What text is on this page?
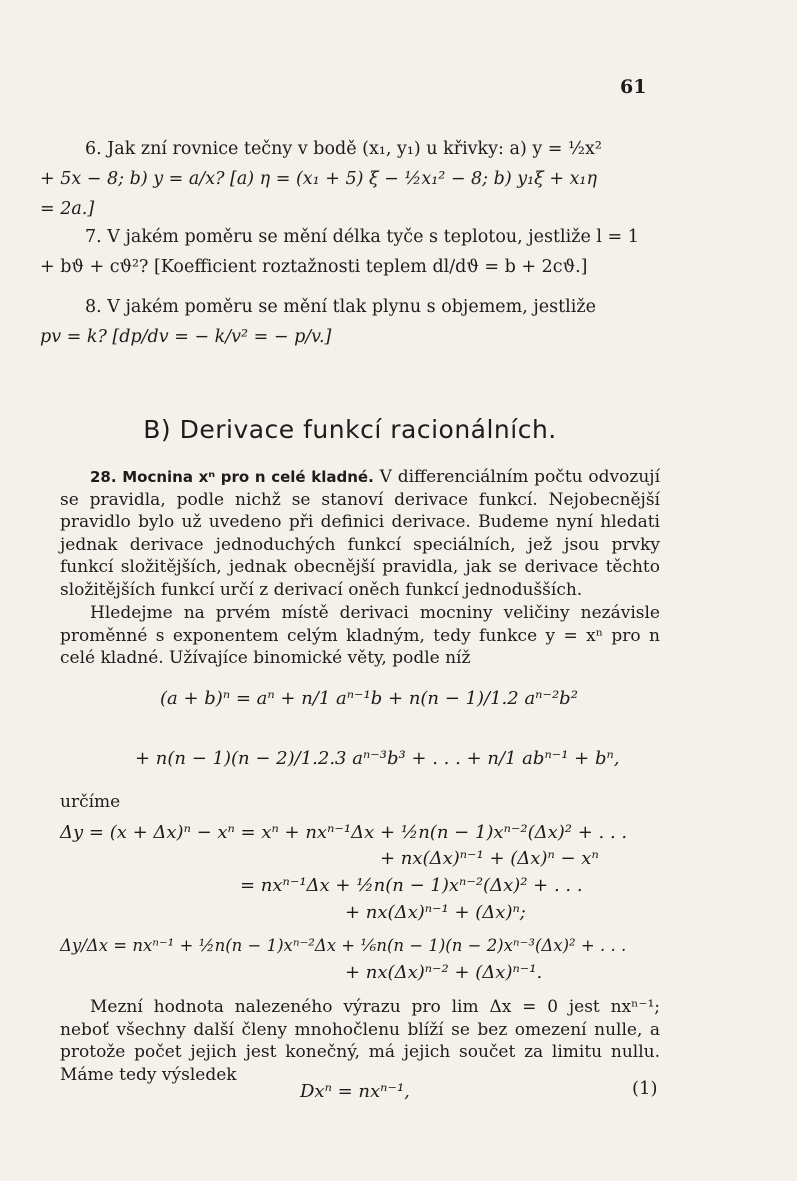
61
6. Jak zní rovnice tečny v bodě (x₁, y₁) u křivky: a) y = ½x²
+ 5x − 8; b) y = a/x? [a) η = (x₁ + 5) ξ − ½x₁² − 8; b) y₁ξ + x₁η
= 2a.]
7. V jakém poměru se mění délka tyče s teplotou, jestliže l = 1
+ bϑ + cϑ²? [Koefficient roztažnosti teplem dl/dϑ = b + 2cϑ.]
8. V jakém poměru se mění tlak plynu s objemem, jestliže
pv = k? [dp/dv = − k/v² = − p/v.]
B) Derivace funkcí racionálních.
28. Mocnina xⁿ pro n celé kladné. V differenciálním počtu odvozují se pravidla, podle nichž se stanoví derivace funkcí. Nejobecnější pravidlo bylo už uvedeno při definici derivace. Budeme nyní hledati jednak derivace jednoduchých funkcí speciálních, jež jsou prvky funkcí složitějších, jednak obecnější pravidla, jak se derivace těchto složitějších funkcí určí z derivací oněch funkcí jednodušších.
Hledejme na prvém místě derivaci mocniny veličiny nezávisle proměnné s exponentem celým kladným, tedy funkce y = xⁿ pro n celé kladné. Užívajíce binomické věty, podle níž
(a + b)ⁿ = aⁿ + n/1 aⁿ⁻¹b + n(n − 1)/1.2 aⁿ⁻²b²
+ n(n − 1)(n − 2)/1.2.3 aⁿ⁻³b³ + . . . + n/1 abⁿ⁻¹ + bⁿ,
určíme
Δy = (x + Δx)ⁿ − xⁿ = xⁿ + nxⁿ⁻¹Δx + ½n(n − 1)xⁿ⁻²(Δx)² + . . .
+ nx(Δx)ⁿ⁻¹ + (Δx)ⁿ − xⁿ
= nxⁿ⁻¹Δx + ½n(n − 1)xⁿ⁻²(Δx)² + . . .
+ nx(Δx)ⁿ⁻¹ + (Δx)ⁿ;
Δy/Δx = nxⁿ⁻¹ + ½n(n − 1)xⁿ⁻²Δx + ⅙n(n − 1)(n − 2)xⁿ⁻³(Δx)² + . . .
+ nx(Δx)ⁿ⁻² + (Δx)ⁿ⁻¹.
Mezní hodnota nalezeného výrazu pro lim Δx = 0 jest nxⁿ⁻¹; neboť všechny další členy mnohočlenu blíží se bez omezení nulle, a protože počet jejich jest konečný, má jejich součet za limitu nullu. Máme tedy výsledek
Dxⁿ = nxⁿ⁻¹,	(1)
